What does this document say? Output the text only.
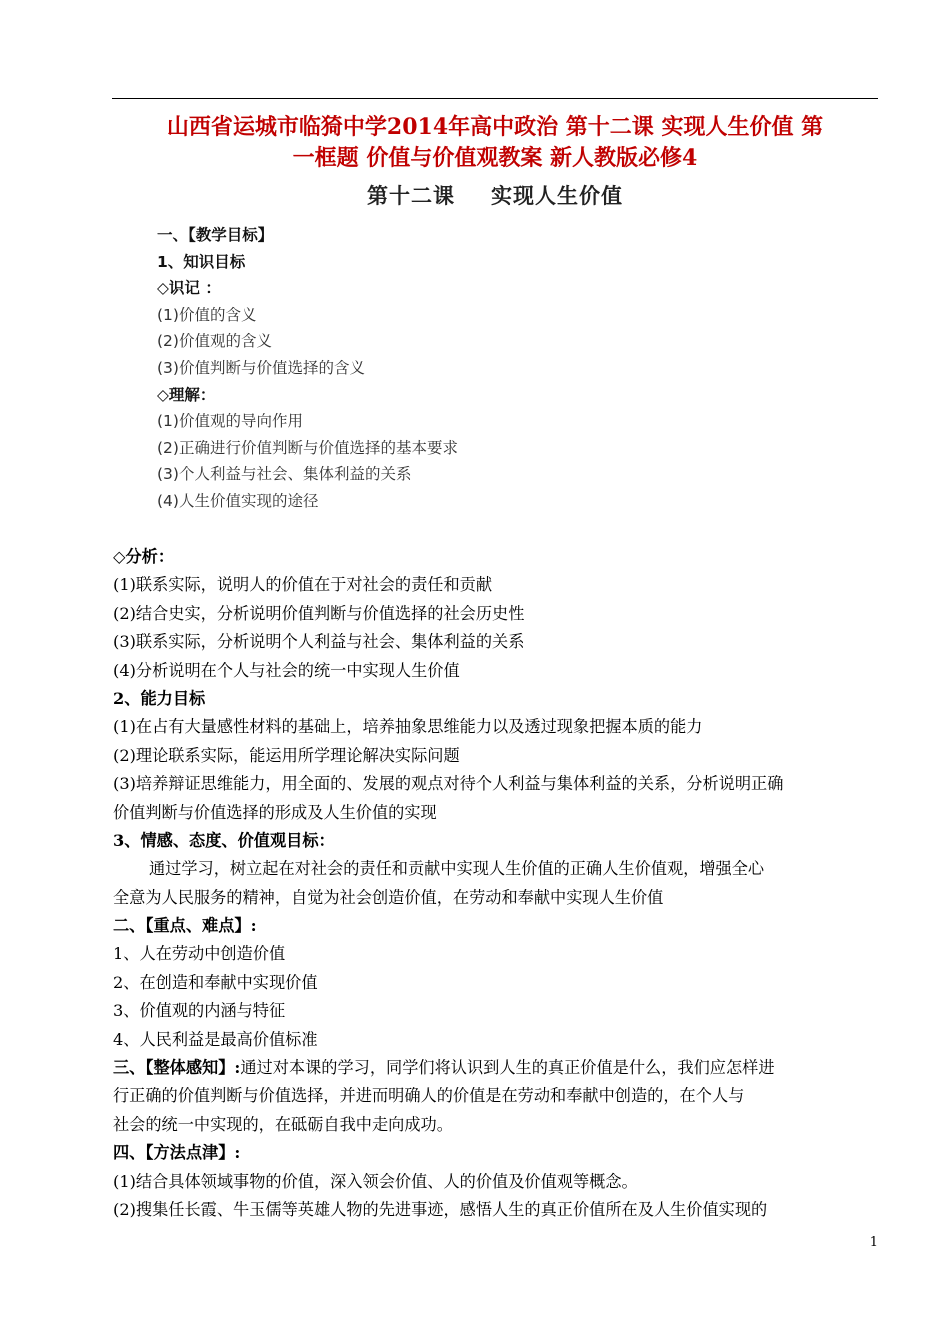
山西省运城市临猗中学2014年高中政治 第十二课 实现人生价值 第
一框题 价值与价值观教案 新人教版必修4
第十二课 实现人生价值
一、【教学目标】
1、知识目标
◇识记 ：
(1)价值的含义
(2)价值观的含义
(3)价值判断与价值选择的含义
◇理解：
(1)价值观的导向作用
(2)正确进行价值判断与价值选择的基本要求
(3)个人利益与社会、集体利益的关系
(4)人生价值实现的途径
◇分析：
(1)联系实际，说明人的价值在于对社会的责任和贡献
(2)结合史实，分析说明价值判断与价值选择的社会历史性
(3)联系实际，分析说明个人利益与社会、集体利益的关系
(4)分析说明在个人与社会的统一中实现人生价值
2、能力目标
(1)在占有大量感性材料的基础上，培养抽象思维能力以及透过现象把握本质的能力
(2)理论联系实际，能运用所学理论解决实际问题
(3)培养辩证思维能力，用全面的、发展的观点对待个人利益与集体利益的关系，分析说明正确
价值判断与价值选择的形成及人生价值的实现
3、情感、态度、价值观目标：
通过学习，树立起在对社会的责任和贡献中实现人生价值的正确人生价值观，增强全心
全意为人民服务的精神，自觉为社会创造价值，在劳动和奉献中实现人生价值
二、【重点、难点】:
1、人在劳动中创造价值
2、在创造和奉献中实现价值
3、价值观的内涵与特征
4、人民利益是最高价值标准
三、【整体感知】:通过对本课的学习，同学们将认识到人生的真正价值是什么，我们应怎样进
行正确的价值判断与价值选择，并进而明确人的价值是在劳动和奉献中创造的，在个人与
社会的统一中实现的，在砥砺自我中走向成功。
四、【方法点津】:
(1)结合具体领域事物的价值，深入领会价值、人的价值及价值观等概念。
(2)搜集任长霞、牛玉儒等英雄人物的先进事迹，感悟人生的真正价值所在及人生价值实现的
1
